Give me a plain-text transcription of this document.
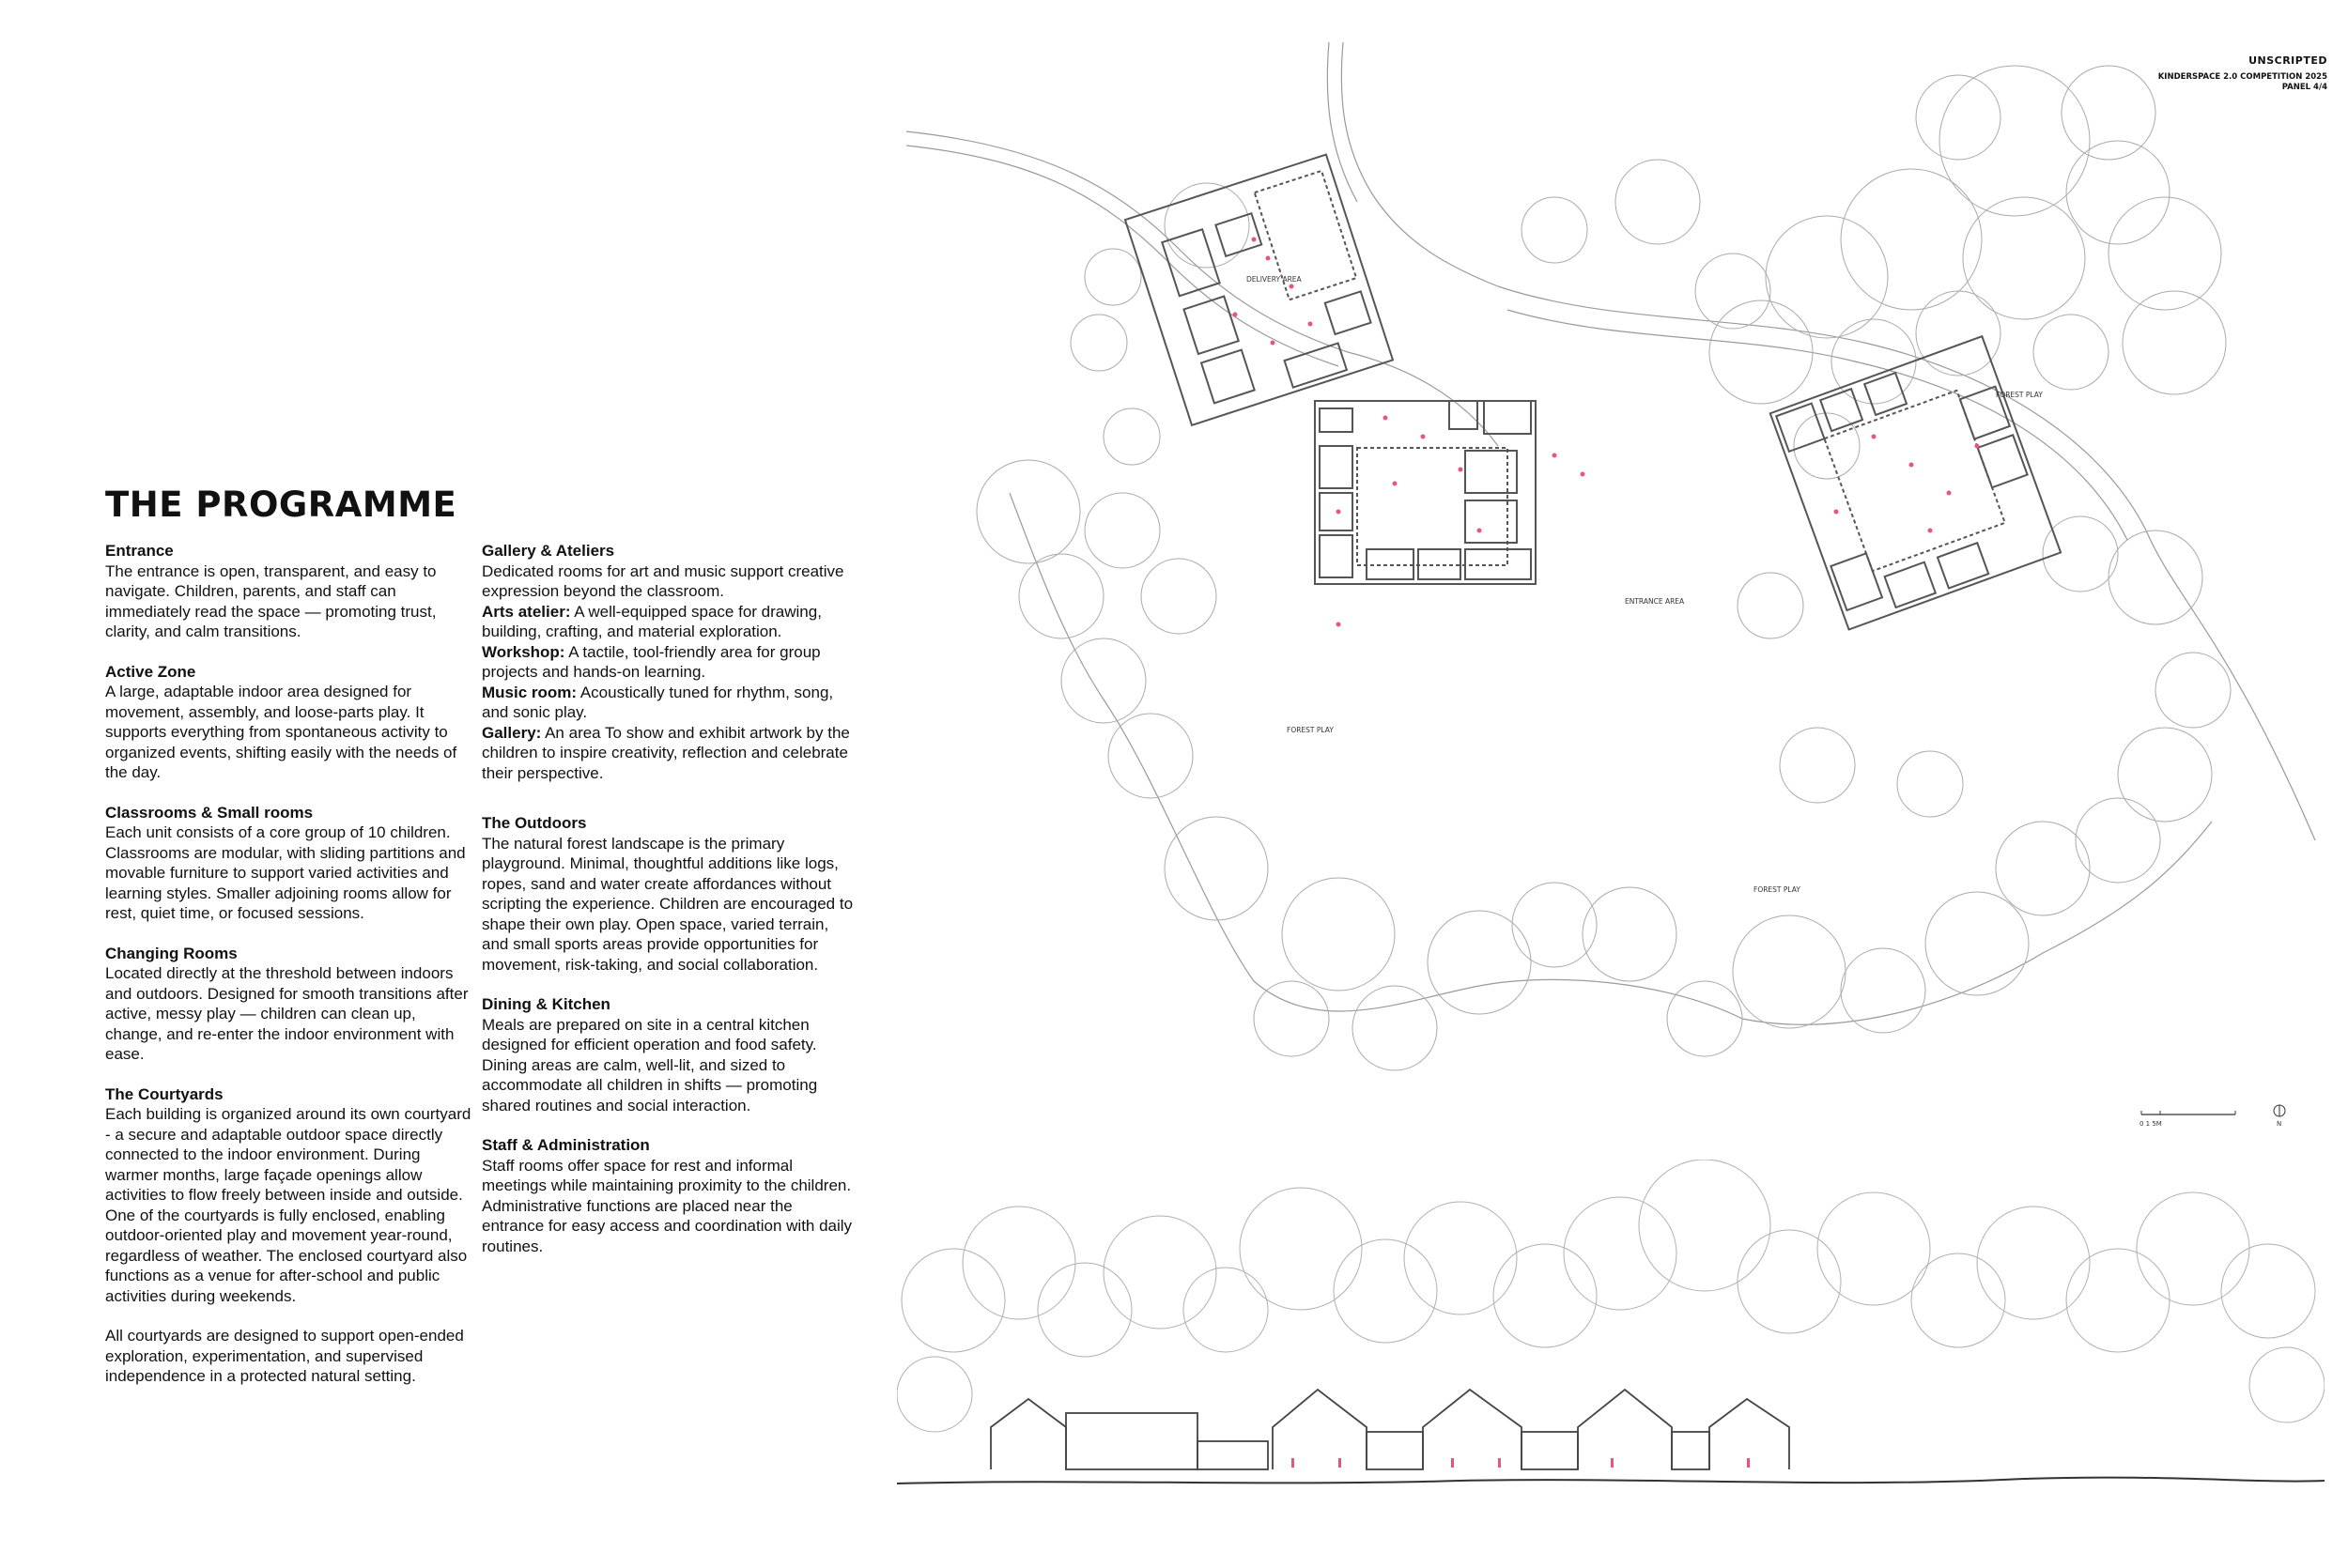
UNSCRIPTED
KINDERSPACE 2.0 COMPETITION 2025
PANEL 4/4
THE PROGRAMME
Entrance

The entrance is open, transparent, and easy to navigate. Children, parents, and staff can immediately read the space — promoting trust, clarity, and calm transitions.

Active Zone

A large, adaptable indoor area designed for movement, assembly, and loose-parts play. It supports everything from spontaneous activity to organized events, shifting easily with the needs of the day.

Classrooms & Small rooms

Each unit consists of a core group of 10 children. Classrooms are modular, with sliding partitions and movable furniture to support varied activities and learning styles. Smaller adjoining rooms allow for rest, quiet time, or focused sessions.

Changing Rooms

Located directly at the threshold between indoors and outdoors. Designed for smooth transitions after active, messy play — children can clean up, change, and re-enter the indoor environment with ease.

The Courtyards

Each building is organized around its own courtyard - a secure and adaptable outdoor space directly connected to the indoor environment. During warmer months, large façade openings allow activities to flow freely between inside and outside. One of the courtyards is fully enclosed, enabling outdoor-oriented play and movement year-round, regardless of weather. The enclosed courtyard also functions as a venue for after-school and public activities during weekends.

All courtyards are designed to support open-ended exploration, experimentation, and supervised independence in a protected natural setting.

Gallery & Ateliers

Dedicated rooms for art and music support creative expression beyond the classroom.

Arts atelier: A well-equipped space for drawing, building, crafting, and material exploration.

Workshop: A tactile, tool-friendly area for group projects and hands-on learning.

Music room: Acoustically tuned for rhythm, song, and sonic play.

Gallery: An area To show and exhibit artwork by the children to inspire creativity, reflection and celebrate their perspective.

The Outdoors

The natural forest landscape is the primary playground. Minimal, thoughtful additions like logs, ropes, sand and water create affordances without scripting the experience. Children are encouraged to shape their own play. Open space, varied terrain, and small sports areas provide opportunities for movement, risk-taking, and social collaboration.

Dining & Kitchen

Meals are prepared on site in a central kitchen designed for efficient operation and food safety. Dining areas are calm, well-lit, and sized to accommodate all children in shifts — promoting shared routines and social interaction.

Staff & Administration

Staff rooms offer space for rest and informal meetings while maintaining proximity to the children. Administrative functions are placed near the entrance for easy access and coordination with daily routines.

DELIVERY AREA
FOREST PLAY
ENTRANCE AREA
FOREST PLAY
FOREST PLAY
0 1 5M	N
